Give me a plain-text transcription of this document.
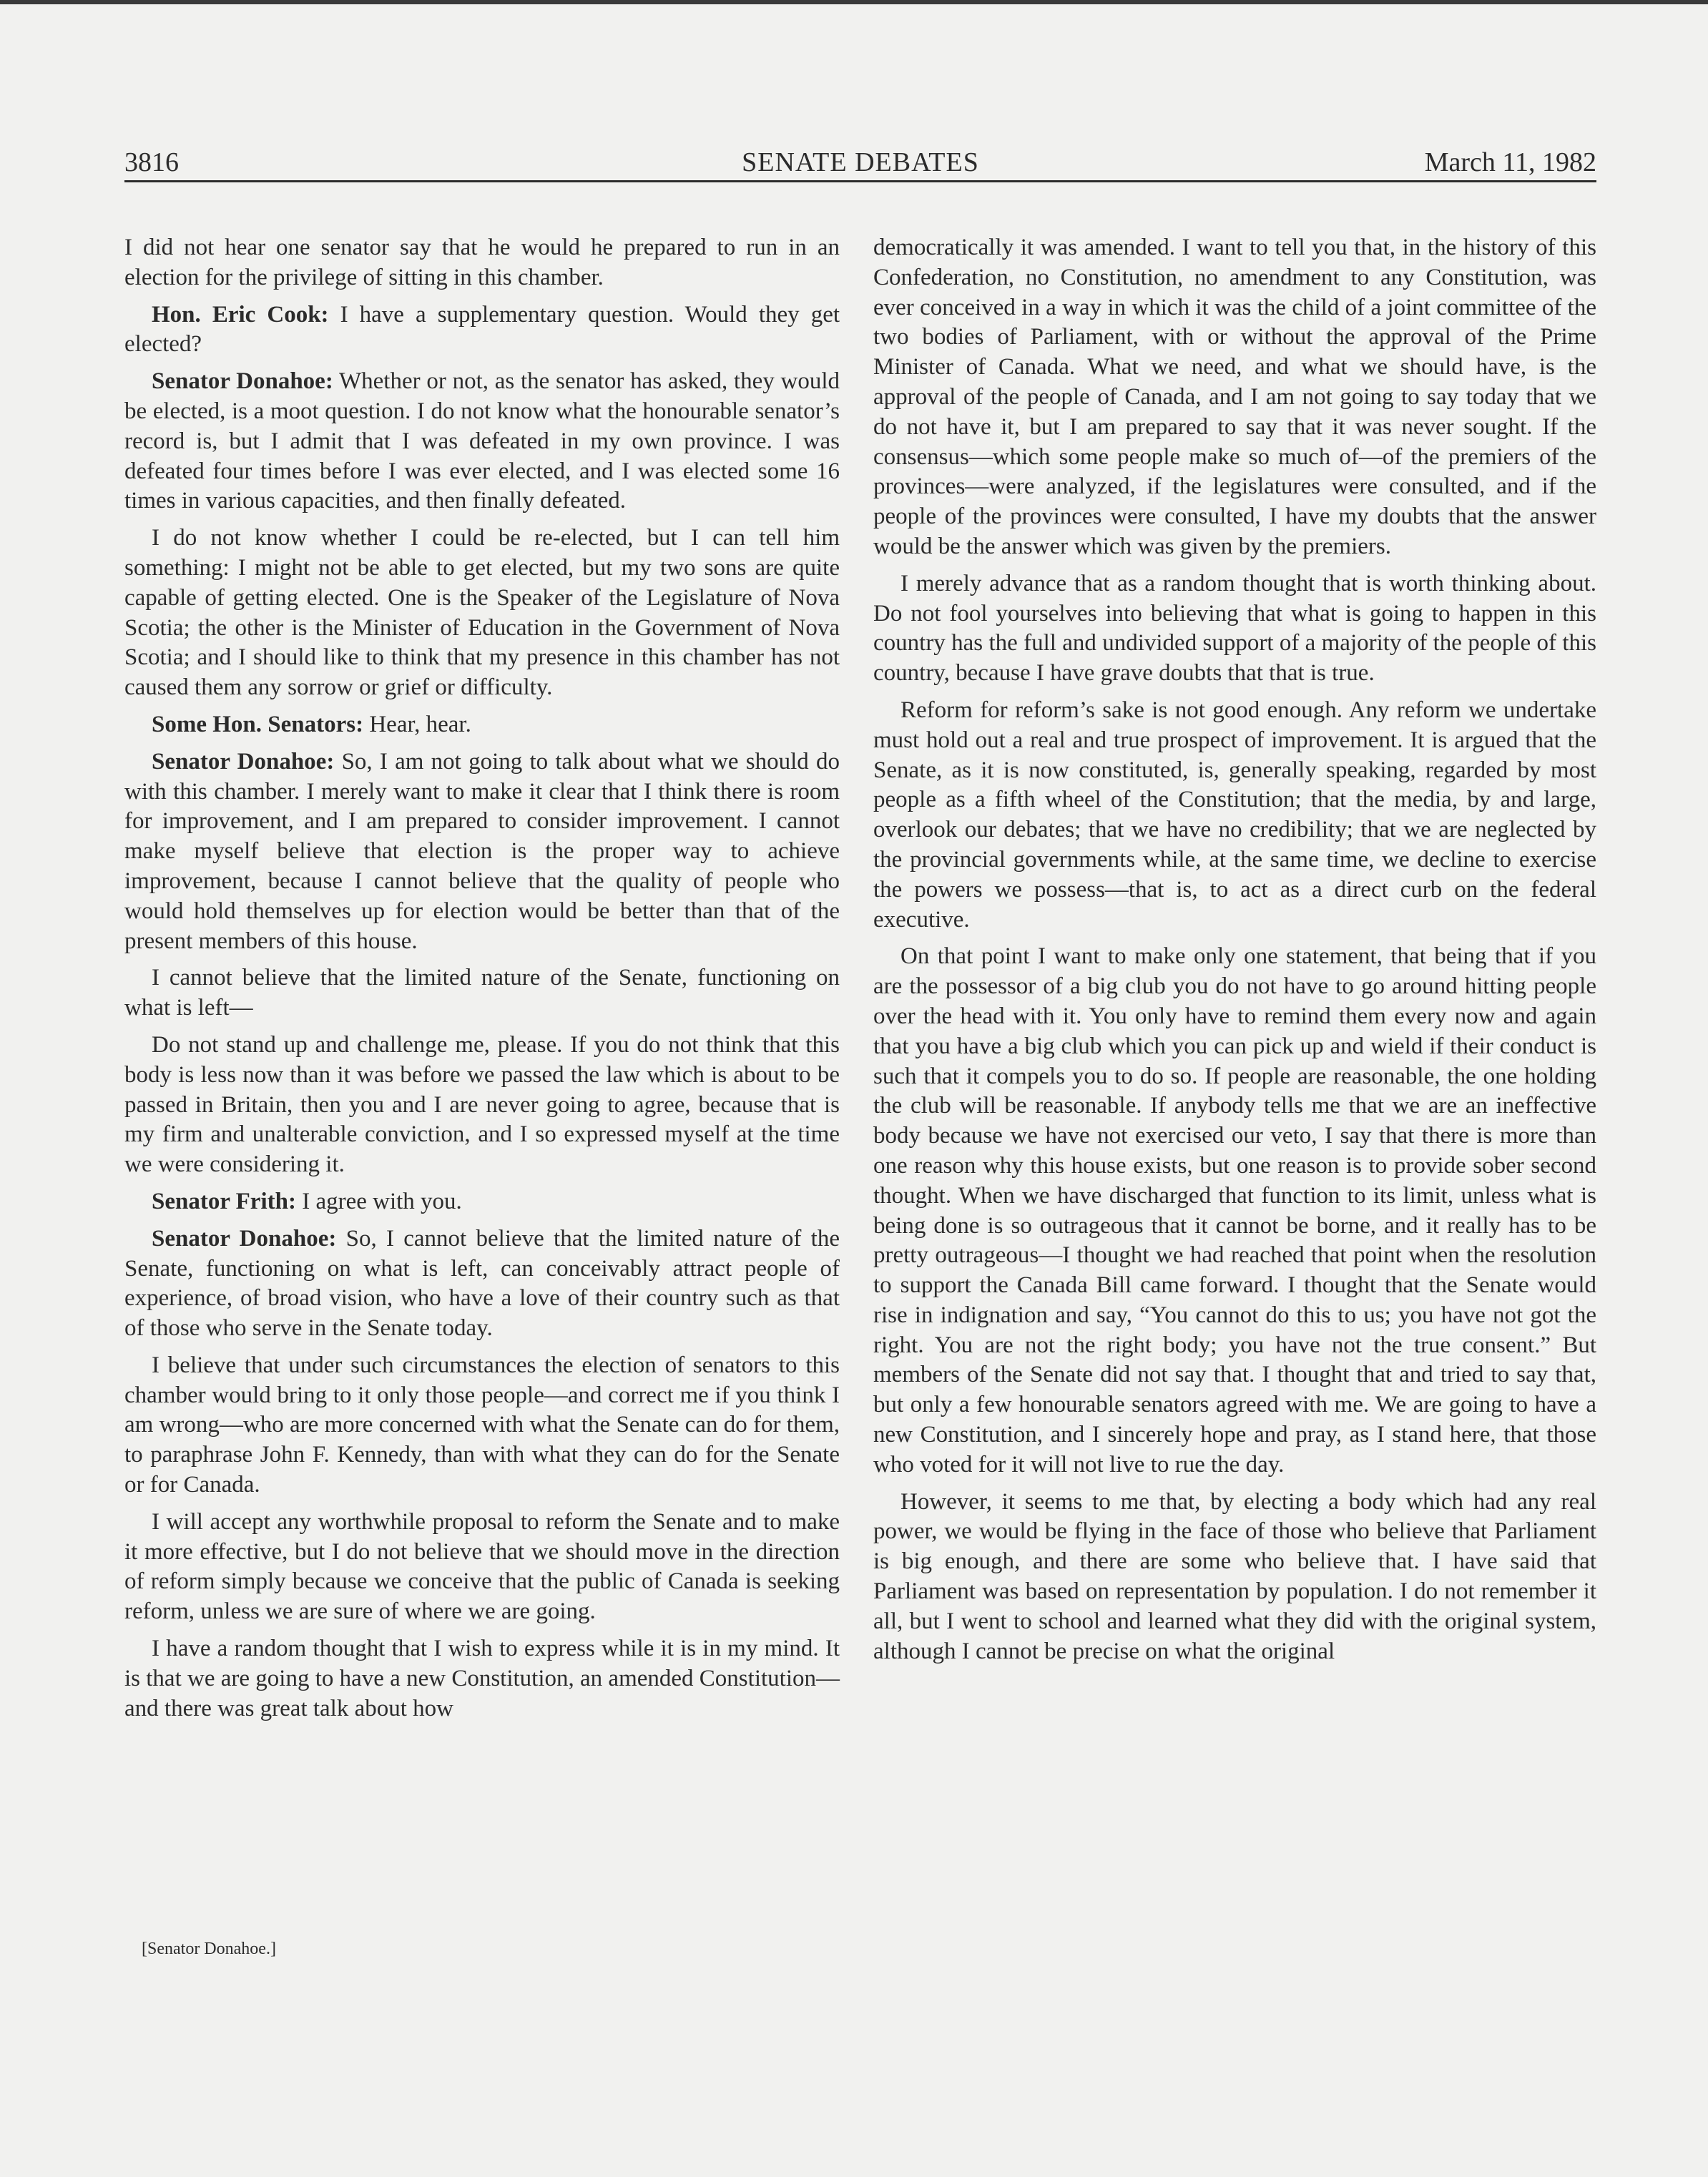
3816	SENATE DEBATES	March 11, 1982

I did not hear one senator say that he would he prepared to run in an election for the privilege of sitting in this chamber.

Hon. Eric Cook: I have a supplementary question. Would they get elected?

Senator Donahoe: Whether or not, as the senator has asked, they would be elected, is a moot question. I do not know what the honourable senator’s record is, but I admit that I was defeated in my own province. I was defeated four times before I was ever elected, and I was elected some 16 times in various capacities, and then finally defeated.

I do not know whether I could be re-elected, but I can tell him something: I might not be able to get elected, but my two sons are quite capable of getting elected. One is the Speaker of the Legislature of Nova Scotia; the other is the Minister of Education in the Government of Nova Scotia; and I should like to think that my presence in this chamber has not caused them any sorrow or grief or difficulty.

Some Hon. Senators: Hear, hear.

Senator Donahoe: So, I am not going to talk about what we should do with this chamber. I merely want to make it clear that I think there is room for improvement, and I am prepared to consider improvement. I cannot make myself believe that election is the proper way to achieve improvement, because I cannot believe that the quality of people who would hold themselves up for election would be better than that of the present members of this house.

I cannot believe that the limited nature of the Senate, functioning on what is left—

Do not stand up and challenge me, please. If you do not think that this body is less now than it was before we passed the law which is about to be passed in Britain, then you and I are never going to agree, because that is my firm and unalterable conviction, and I so expressed myself at the time we were considering it.

Senator Frith: I agree with you.

Senator Donahoe: So, I cannot believe that the limited nature of the Senate, functioning on what is left, can conceivably attract people of experience, of broad vision, who have a love of their country such as that of those who serve in the Senate today.

I believe that under such circumstances the election of senators to this chamber would bring to it only those people—and correct me if you think I am wrong—who are more concerned with what the Senate can do for them, to paraphrase John F. Kennedy, than with what they can do for the Senate or for Canada.

I will accept any worthwhile proposal to reform the Senate and to make it more effective, but I do not believe that we should move in the direction of reform simply because we conceive that the public of Canada is seeking reform, unless we are sure of where we are going.

I have a random thought that I wish to express while it is in my mind. It is that we are going to have a new Constitution, an amended Constitution—and there was great talk about how

democratically it was amended. I want to tell you that, in the history of this Confederation, no Constitution, no amendment to any Constitution, was ever conceived in a way in which it was the child of a joint committee of the two bodies of Parliament, with or without the approval of the Prime Minister of Canada. What we need, and what we should have, is the approval of the people of Canada, and I am not going to say today that we do not have it, but I am prepared to say that it was never sought. If the consensus—which some people make so much of—of the premiers of the provinces—were analyzed, if the legislatures were consulted, and if the people of the provinces were consulted, I have my doubts that the answer would be the answer which was given by the premiers.

I merely advance that as a random thought that is worth thinking about. Do not fool yourselves into believing that what is going to happen in this country has the full and undivided support of a majority of the people of this country, because I have grave doubts that that is true.

Reform for reform’s sake is not good enough. Any reform we undertake must hold out a real and true prospect of improvement. It is argued that the Senate, as it is now constituted, is, generally speaking, regarded by most people as a fifth wheel of the Constitution; that the media, by and large, overlook our debates; that we have no credibility; that we are neglected by the provincial governments while, at the same time, we decline to exercise the powers we possess—that is, to act as a direct curb on the federal executive.

On that point I want to make only one statement, that being that if you are the possessor of a big club you do not have to go around hitting people over the head with it. You only have to remind them every now and again that you have a big club which you can pick up and wield if their conduct is such that it compels you to do so. If people are reasonable, the one holding the club will be reasonable. If anybody tells me that we are an ineffective body because we have not exercised our veto, I say that there is more than one reason why this house exists, but one reason is to provide sober second thought. When we have discharged that function to its limit, unless what is being done is so outrageous that it cannot be borne, and it really has to be pretty outrageous—I thought we had reached that point when the resolution to support the Canada Bill came forward. I thought that the Senate would rise in indignation and say, “You cannot do this to us; you have not got the right. You are not the right body; you have not the true consent.” But members of the Senate did not say that. I thought that and tried to say that, but only a few honourable senators agreed with me. We are going to have a new Constitution, and I sincerely hope and pray, as I stand here, that those who voted for it will not live to rue the day.

However, it seems to me that, by electing a body which had any real power, we would be flying in the face of those who believe that Parliament is big enough, and there are some who believe that. I have said that Parliament was based on representation by population. I do not remember it all, but I went to school and learned what they did with the original system, although I cannot be precise on what the original

[Senator Donahoe.]
